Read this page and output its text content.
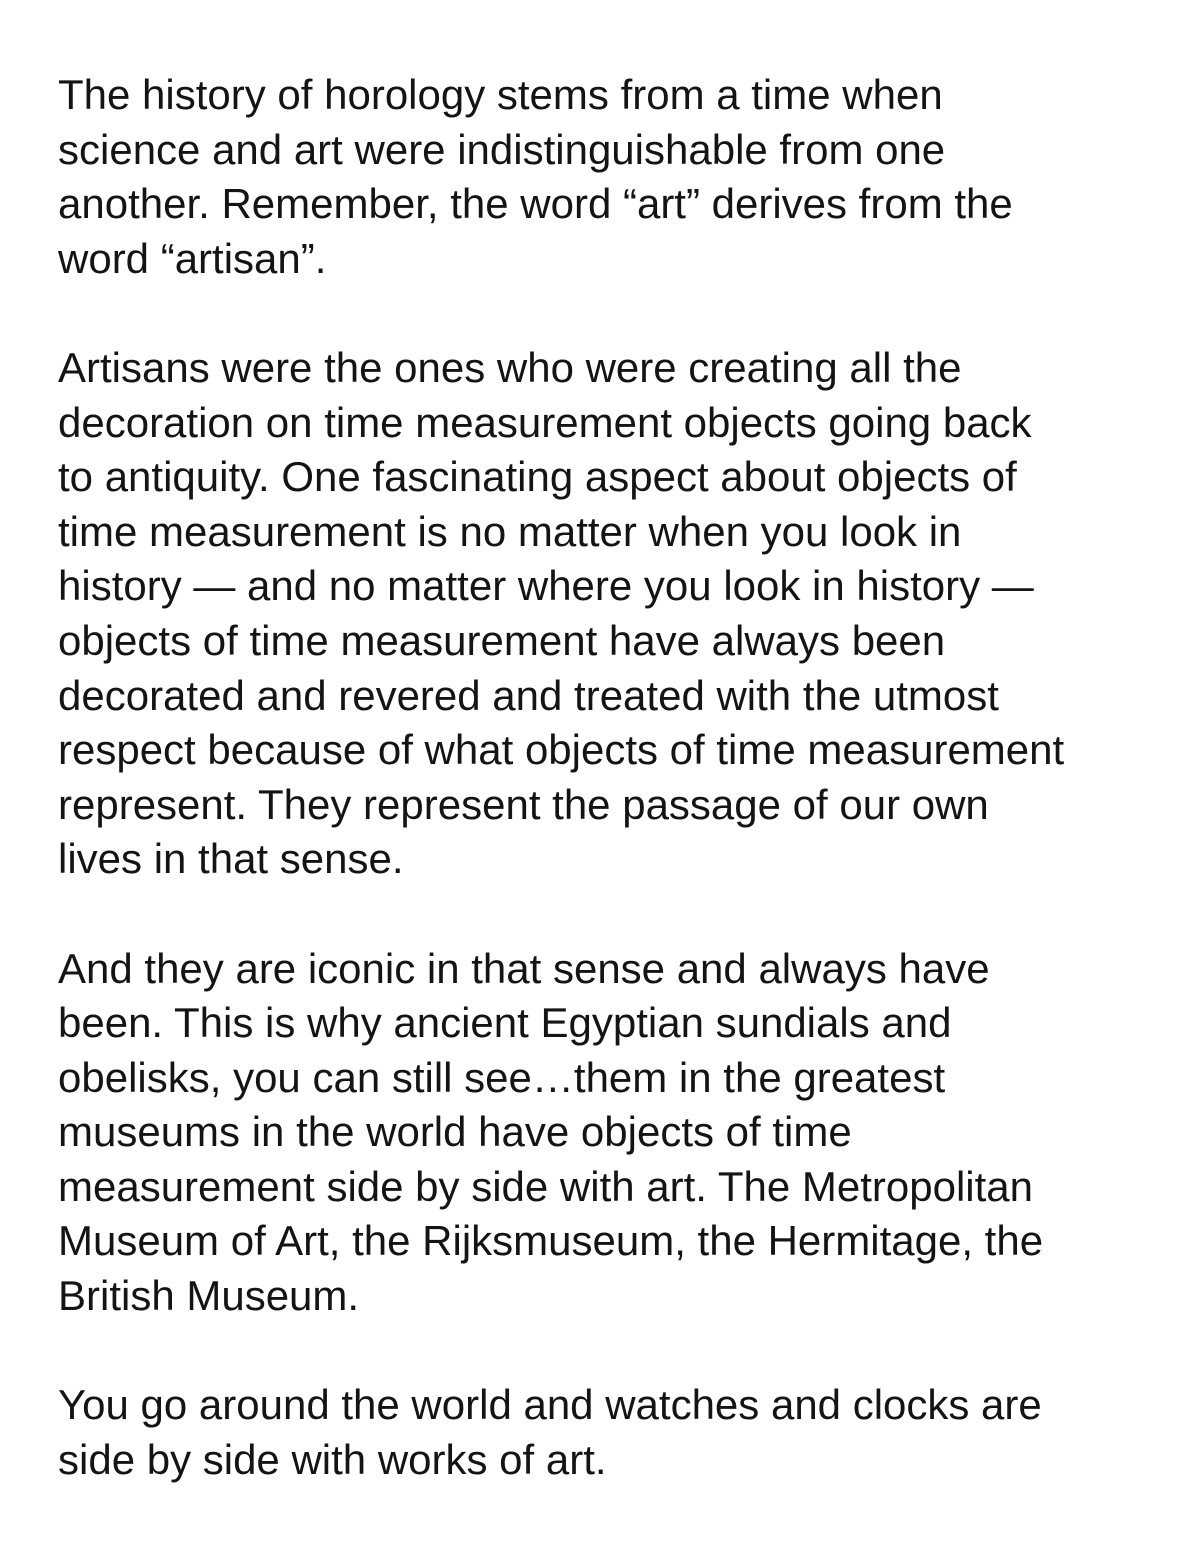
The history of horology stems from a time when
science and art were indistinguishable from one
another. Remember, the word “art” derives from the
word “artisan”.

Artisans were the ones who were creating all the
decoration on time measurement objects going back
to antiquity. One fascinating aspect about objects of
time measurement is no matter when you look in
history — and no matter where you look in history —
objects of time measurement have always been
decorated and revered and treated with the utmost
respect because of what objects of time measurement
represent. They represent the passage of our own
lives in that sense.

And they are iconic in that sense and always have
been. This is why ancient Egyptian sundials and
obelisks, you can still see…them in the greatest
museums in the world have objects of time
measurement side by side with art. The Metropolitan
Museum of Art, the Rijksmuseum, the Hermitage, the
British Museum.

You go around the world and watches and clocks are
side by side with works of art.
